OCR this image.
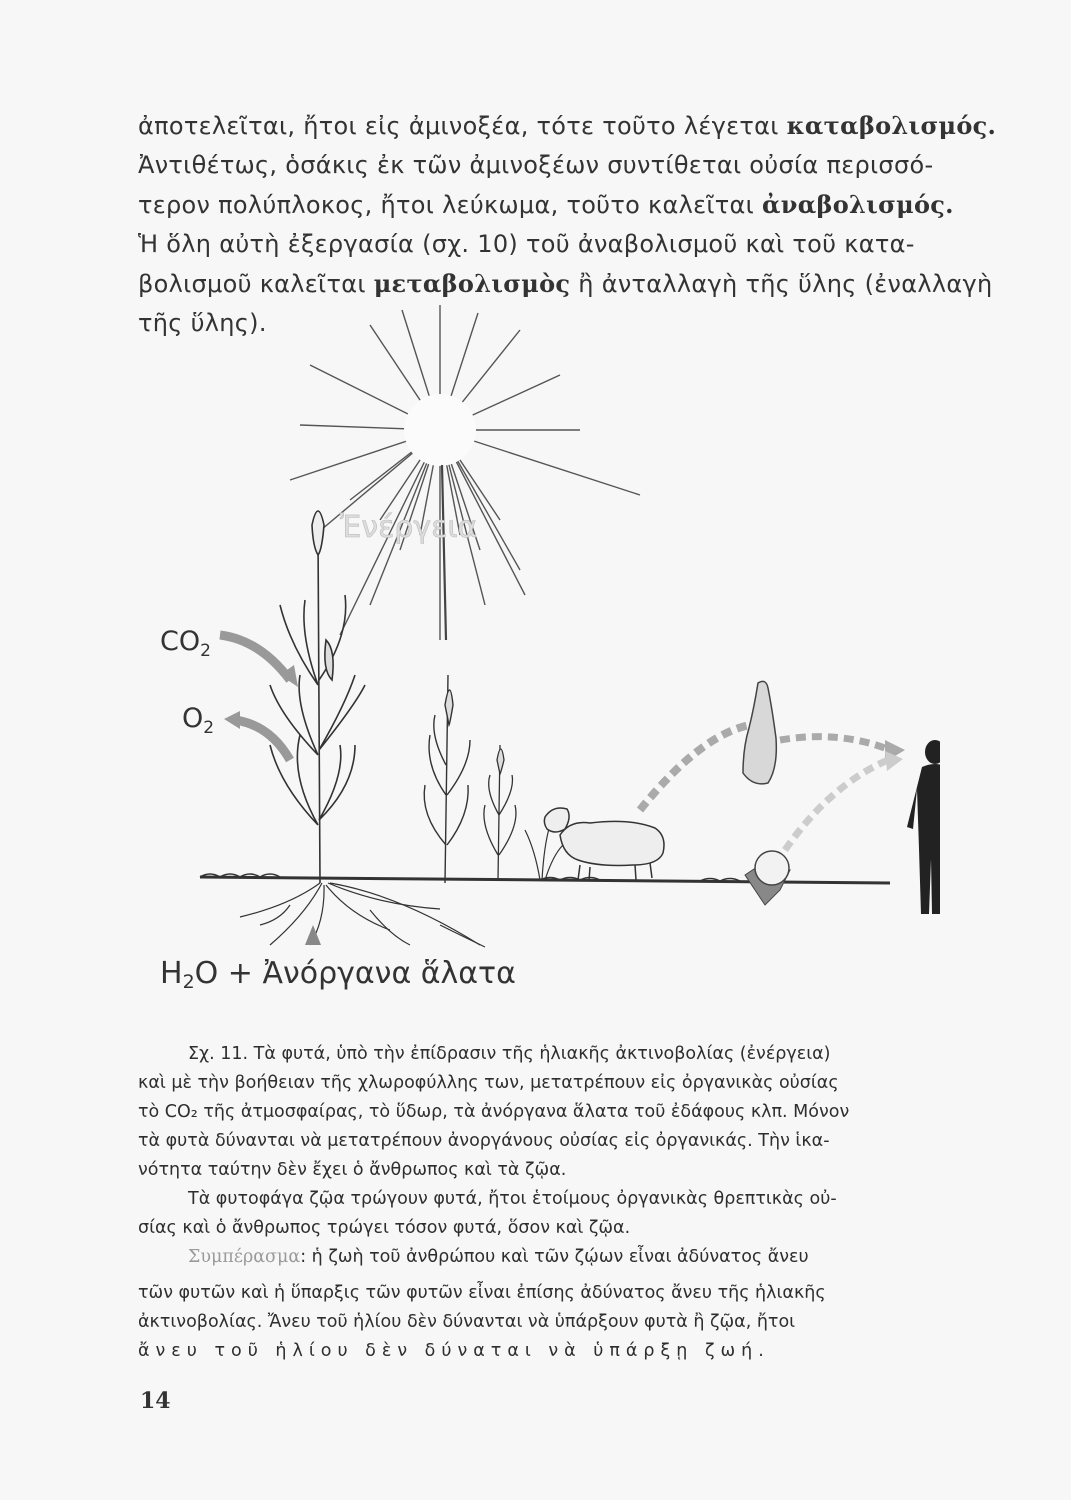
ἀποτελεῖται, ἤτοι εἰς ἀμινοξέα, τότε τοῦτο λέγεται καταβολισμός.
Ἀντιθέτως, ὁσάκις ἐκ τῶν ἀμινοξέων συντίθεται οὐσία περισσό-
τερον πολύπλοκος, ἤτοι λεύκωμα, τοῦτο καλεῖται ἀναβολισμός.
Ἡ ὅλη αὐτὴ ἐξεργασία (σχ. 10) τοῦ ἀναβολισμοῦ καὶ τοῦ κατα-
βολισμοῦ καλεῖται μεταβολισμὸς ἢ ἀνταλλαγὴ τῆς ὕλης (ἐναλλαγὴ
τῆς ὕλης).
Ἐνέργεια
$CO_2$
$O_2$
H2O + Ἀνόργανα ἅλατα
Σχ. 11. Τὰ φυτά, ὑπὸ τὴν ἐπίδρασιν τῆς ἡλιακῆς ἀκτινοβολίας (ἐνέργεια)
καὶ μὲ τὴν βοήθειαν τῆς χλωροφύλλης των, μετατρέπουν εἰς ὀργανικὰς οὐσίας
τὸ CO₂ τῆς ἀτμοσφαίρας, τὸ ὕδωρ, τὰ ἀνόργανα ἅλατα τοῦ ἐδάφους κλπ. Μόνον
τὰ φυτὰ δύνανται νὰ μετατρέπουν ἀνοργάνους οὐσίας εἰς ὀργανικάς. Τὴν ἱκα-
νότητα ταύτην δὲν ἔχει ὁ ἄνθρωπος καὶ τὰ ζῷα.
Τὰ φυτοφάγα ζῷα τρώγουν φυτά, ἤτοι ἑτοίμους ὀργανικὰς θρεπτικὰς οὐ-
σίας καὶ ὁ ἄνθρωπος τρώγει τόσον φυτά, ὅσον καὶ ζῷα.
Συμπέρασμα: ἡ ζωὴ τοῦ ἀνθρώπου καὶ τῶν ζῴων εἶναι ἀδύνατος ἄνευ
τῶν φυτῶν καὶ ἡ ὕπαρξις τῶν φυτῶν εἶναι ἐπίσης ἀδύνατος ἄνευ τῆς ἡλιακῆς
ἀκτινοβολίας. Ἄνευ τοῦ ἡλίου δὲν δύνανται νὰ ὑπάρξουν φυτὰ ἢ ζῷα, ἤτοι
ἄνευ τοῦ ἡλίου δὲν δύναται νὰ ὑπάρξῃ ζωή.
14
